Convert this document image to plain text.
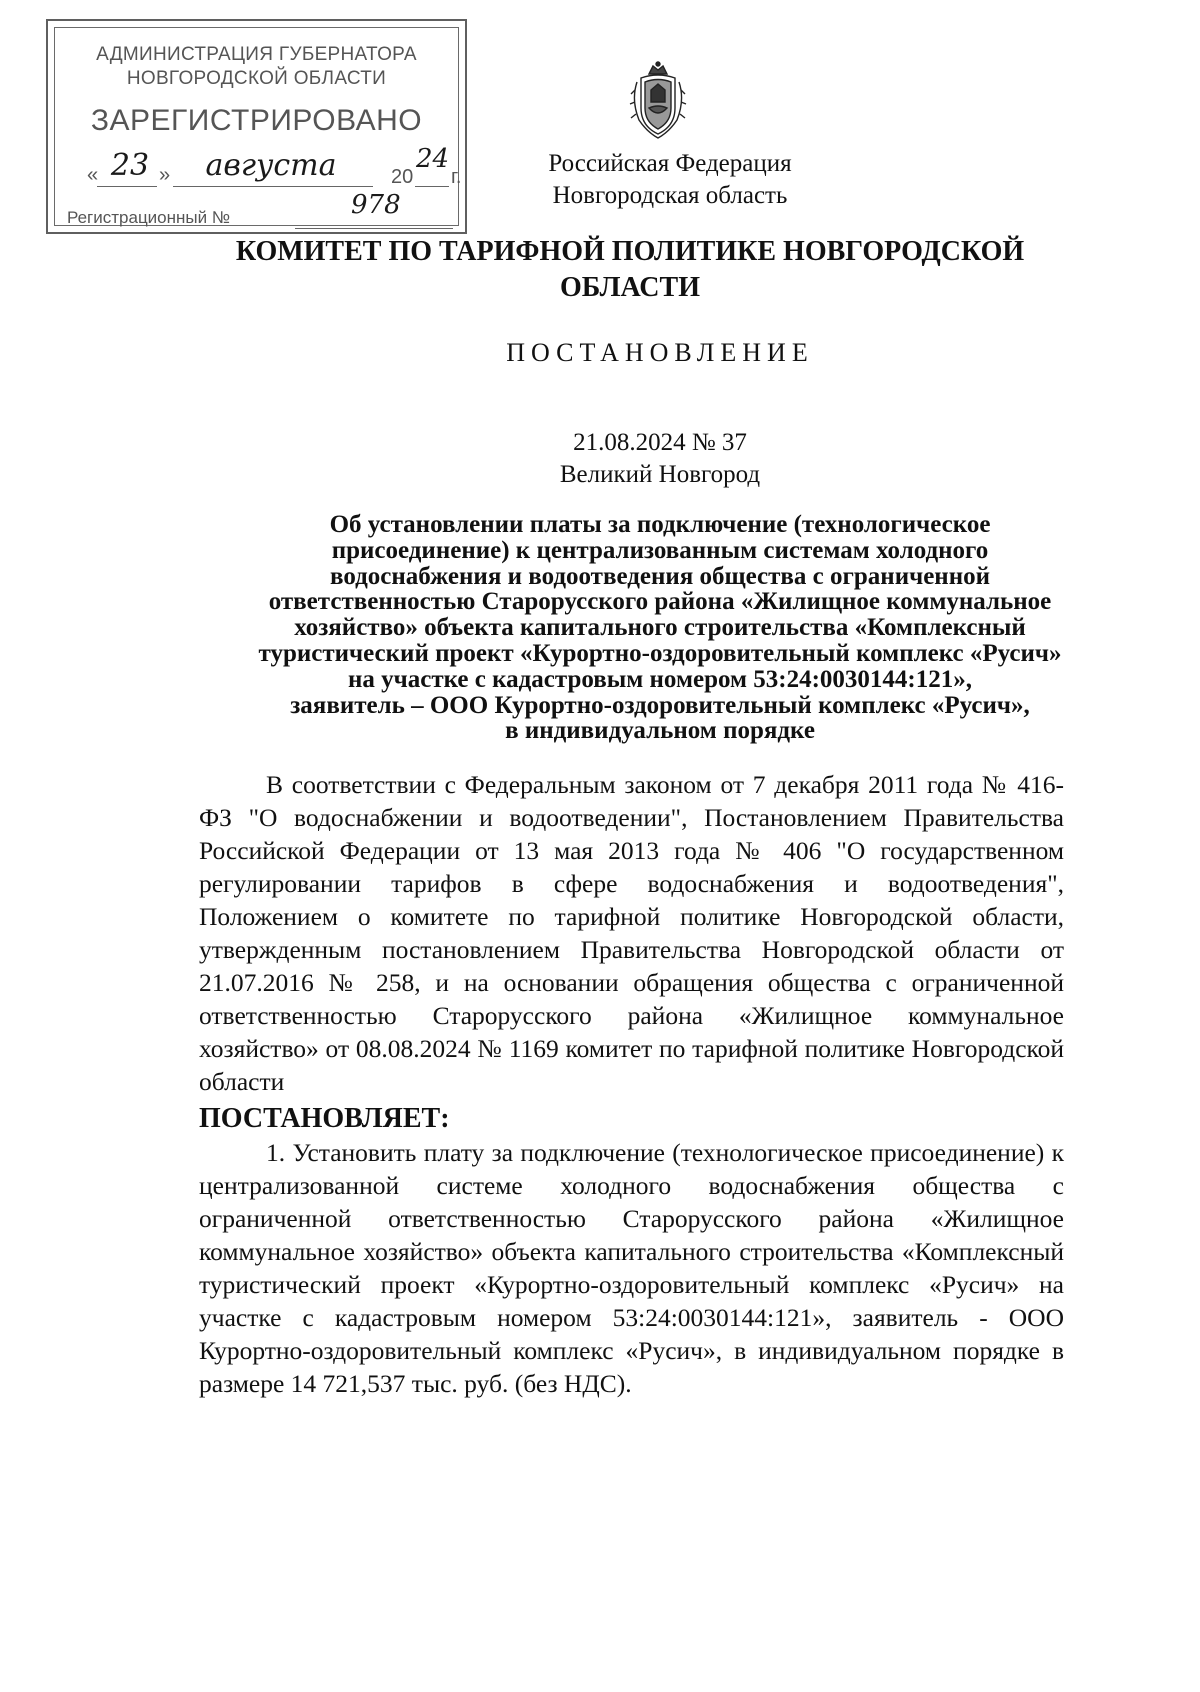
АДМИНИСТРАЦИЯ ГУБЕРНАТОРА
НОВГОРОДСКОЙ ОБЛАСТИ
ЗАРЕГИСТРИРОВАНО
« 23 »	августа	20
24
г.
Регистрационный №	978
Российская Федерация
Новгородская область
КОМИТЕТ ПО ТАРИФНОЙ ПОЛИТИКЕ НОВГОРОДСКОЙ
ОБЛАСТИ
ПОСТАНОВЛЕНИЕ
21.08.2024 № 37
Великий Новгород
Об установлении платы за подключение (технологическое
присоединение) к централизованным системам холодного
водоснабжения и водоотведения общества с ограниченной
ответственностью Старорусского района «Жилищное коммунальное
хозяйство» объекта капитального строительства «Комплексный
туристический проект «Курортно-оздоровительный комплекс «Русич»
на участке с кадастровым номером 53:24:0030144:121»,
заявитель – ООО Курортно-оздоровительный комплекс «Русич»,
в индивидуальном порядке

В соответствии с Федеральным законом от 7 декабря 2011 года № 416-ФЗ "О водоснабжении и водоотведении", Постановлением Правительства Российской Федерации от 13 мая 2013 года № 406 "О государственном регулировании тарифов в сфере водоснабжения и водоотведения", Положением о комитете по тарифной политике Новгородской области, утвержденным постановлением Правительства Новгородской области от 21.07.2016 № 258, и на основании обращения общества с ограниченной ответственностью Старорусского района «Жилищное коммунальное хозяйство» от 08.08.2024 № 1169 комитет по тарифной политике Новгородской области

ПОСТАНОВЛЯЕТ:

1. Установить плату за подключение (технологическое присоединение) к централизованной системе холодного водоснабжения общества с ограниченной ответственностью Старорусского района «Жилищное коммунальное хозяйство» объекта капитального строительства «Комплексный туристический проект «Курортно-оздоровительный комплекс «Русич» на участке с кадастровым номером 53:24:0030144:121», заявитель - ООО Курортно-оздоровительный комплекс «Русич», в индивидуальном порядке в размере 14 721,537 тыс. руб. (без НДС).
